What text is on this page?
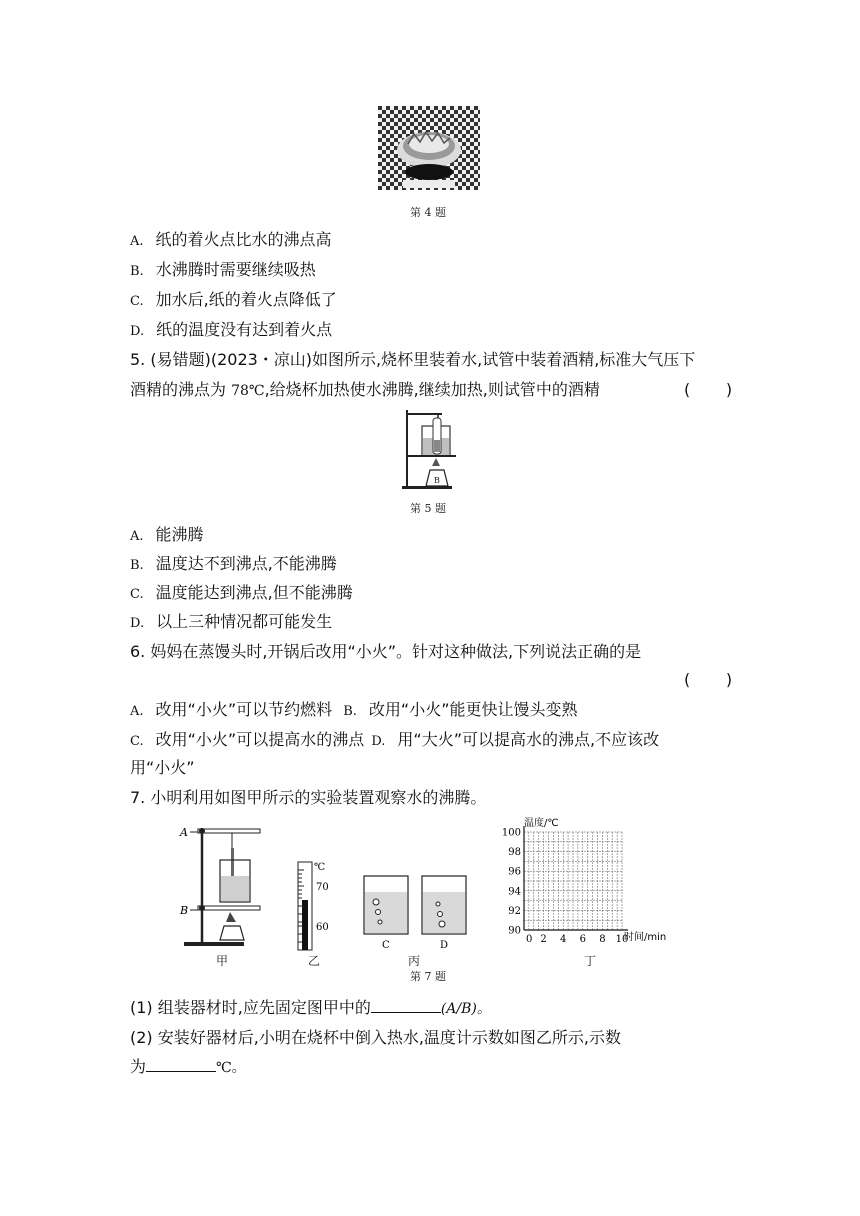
第 4 题
A. 纸的着火点比水的沸点高
B. 水沸腾时需要继续吸热
C. 加水后,纸的着火点降低了
D. 纸的温度没有达到着火点
5. (易错题)(2023・凉山)如图所示,烧杯里装着水,试管中装着酒精,标准大气压下
酒精的沸点为 78℃,给烧杯加热使水沸腾,继续加热,则试管中的酒精	(       )
B
第 5 题
A. 能沸腾
B. 温度达不到沸点,不能沸腾
C. 温度能达到沸点,但不能沸腾
D. 以上三种情况都可能发生
6. 妈妈在蒸馒头时,开锅后改用“小火”。针对这种做法,下列说法正确的是
(       )
A. 改用“小火”可以节约燃料 B. 改用“小火”能更快让馒头变熟
C. 改用“小火”可以提高水的沸点 D. 用“大火”可以提高水的沸点,不应该改
用“小火”
7. 小明利用如图甲所示的实验装置观察水的沸腾。
A
B
甲
℃
70
60
乙
C	D
丙
90
92
94
96
98
100
2 4 6 8 10
0
温度/℃
时间/min
丁
第 7 题
(1) 组装器材时,应先固定图甲中的	(A/B)。
(2) 安装好器材后,小明在烧杯中倒入热水,温度计示数如图乙所示,示数
为	℃。
